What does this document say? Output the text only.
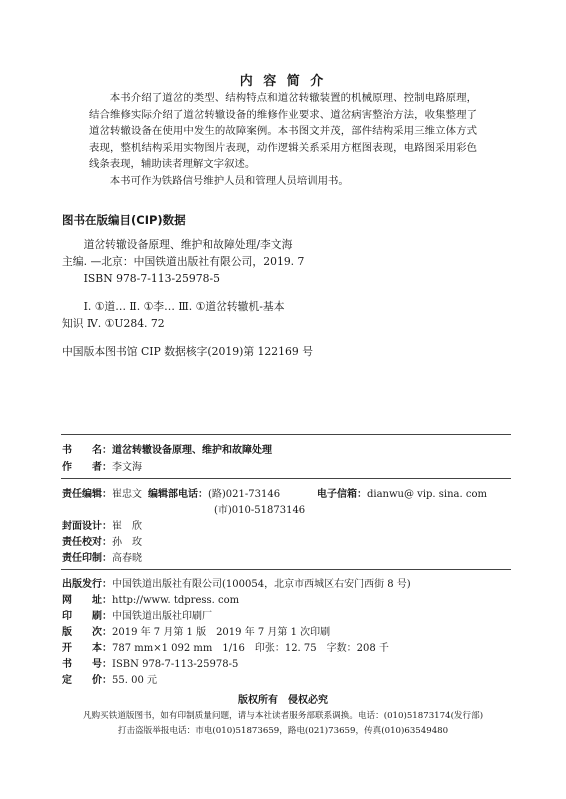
内 容 简 介

本书介绍了道岔的类型、结构特点和道岔转辙装置的机械原理、控制电路原理，结合维修实际介绍了道岔转辙设备的维修作业要求、道岔病害整治方法，收集整理了道岔转辙设备在使用中发生的故障案例。本书图文并茂，部件结构采用三维立体方式表现，整机结构采用实物图片表现，动作逻辑关系采用方框图表现，电路图采用彩色线条表现，辅助读者理解文字叙述。

本书可作为铁路信号维护人员和管理人员培训用书。

图书在版编目(CIP)数据
道岔转辙设备原理、维护和故障处理/李文海
主编. —北京：中国铁道出版社有限公司，2019. 7
ISBN 978-7-113-25978-5
Ⅰ. ①道… Ⅱ. ①李… Ⅲ. ①道岔转辙机-基本
知识 Ⅳ. ①U284. 72
中国版本图书馆 CIP 数据核字(2019)第 122169 号
书　　名：道岔转辙设备原理、维护和故障处理
作　　者：李文海
责任编辑：崔忠文 编辑部电话：(路)021-73146
(市)010-51873146
电子信箱：dianwu@ vip. sina. com
封面设计：崔　欣
责任校对：孙　玫
责任印制：高春晓
出版发行：中国铁道出版社有限公司(100054，北京市西城区右安门西街 8 号)
网　　址：http://www. tdpress. com
印　　刷：中国铁道出版社印刷厂
版　　次：2019 年 7 月第 1 版　2019 年 7 月第 1 次印刷
开　　本：787 mm×1 092 mm　1/16　印张：12. 75　字数：208 千
书　　号：ISBN 978-7-113-25978-5
定　　价：55. 00 元
版权所有　侵权必究
凡购买铁道版图书，如有印制质量问题，请与本社读者服务部联系调换。电话：(010)51873174(发行部)
打击盗版举报电话：市电(010)51873659，路电(021)73659，传真(010)63549480
